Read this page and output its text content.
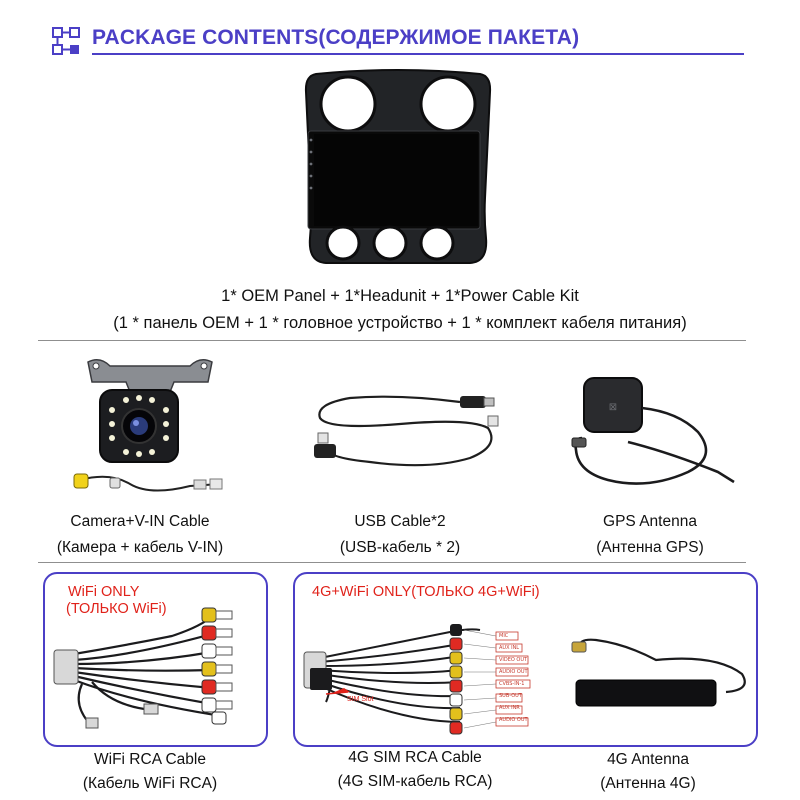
PACKAGE CONTENTS(СОДЕРЖИМОЕ ПАКЕТА)
1* OEM Panel + 1*Headunit + 1*Power Cable Kit
(1 * панель OEM + 1 * головное устройство + 1 * комплект кабеля питания)
Camera+V-IN Cable
(Камера + кабель V-IN)
USB Cable*2
(USB-кабель * 2)
⊠
GPS Antenna
(Антенна GPS)
WiFi ONLY
(ТОЛЬКО WiFi)
WiFi RCA Cable
(Кабель WiFi RCA)
4G+WiFi ONLY(ТОЛЬКО 4G+WiFi)
MIC
AUX INL
VIDEO OUT
AUDIO OUT
CVBS-IN-1
SUB-OUT
AUX INR
AUDIO OUT
SIM Slot
4G SIM RCA Cable
(4G SIM-кабель RCA)
4G Antenna
(Антенна 4G)
